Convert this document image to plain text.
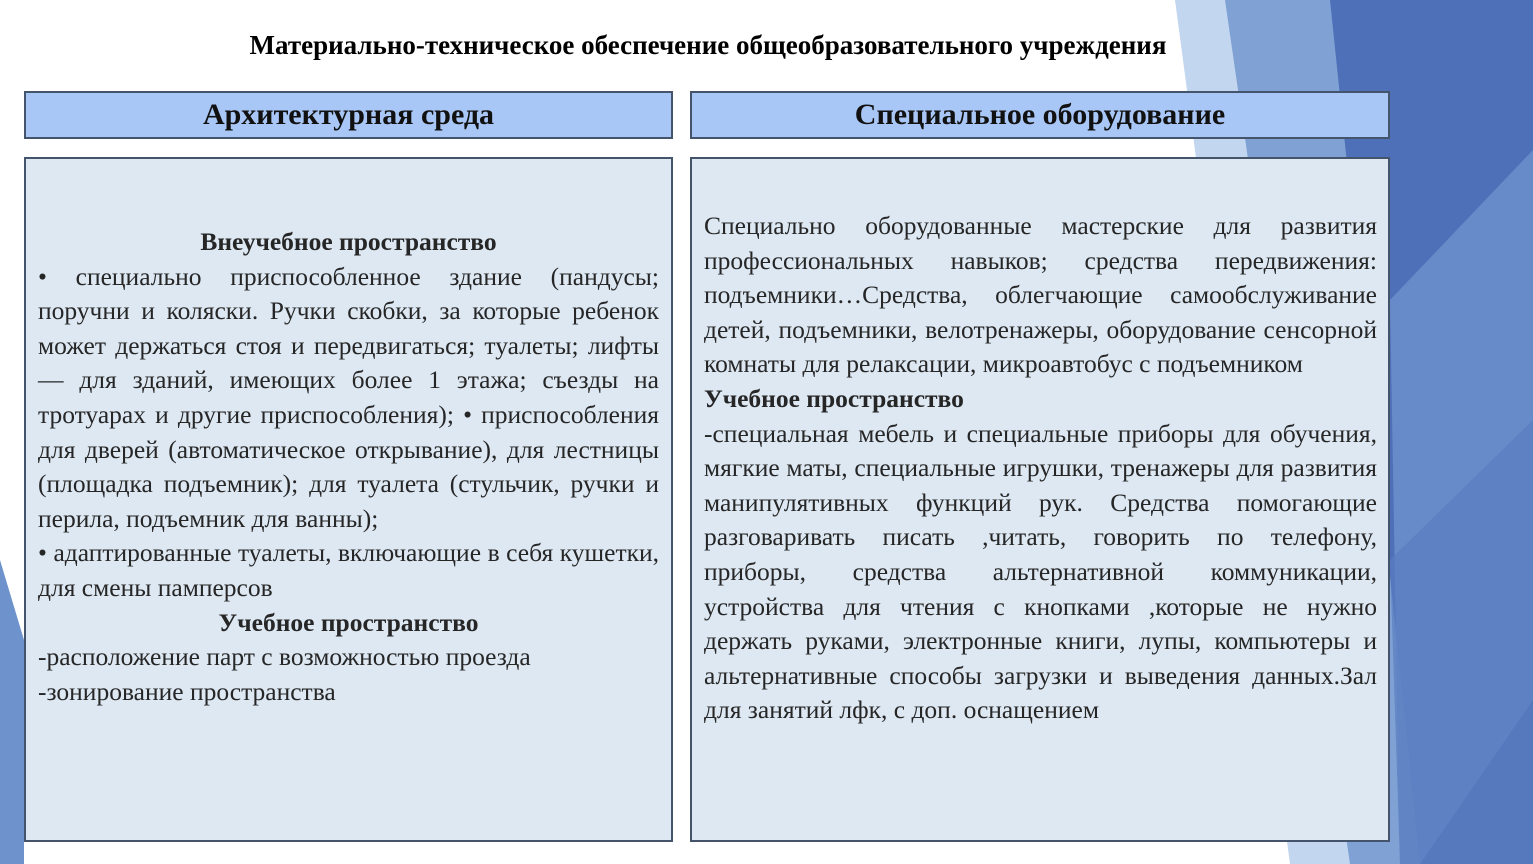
Материально-техническое обеспечение общеобразовательного учреждения
Архитектурная среда	Специальное оборудование

Внеучебное пространство

• специально приспособленное здание (пандусы; поручни и коляски. Ручки скобки, за которые ребенок может держаться стоя и передвигаться; туалеты; лифты — для зданий, имеющих более 1 этажа; съезды на тротуарах и другие приспособления); • приспособления для дверей (автоматическое открывание), для лестницы (площадка подъемник); для туалета (стульчик, ручки и перила, подъемник для ванны);

• адаптированные туалеты, включающие в себя кушетки, для смены памперсов

Учебное пространство

-расположение парт с возможностью проезда

-зонирование пространства

Специально оборудованные мастерские для развития профессиональных навыков; средства передвижения: подъемники…Средства, облегчающие самообслуживание детей, подъемники, велотренажеры, оборудование сенсорной комнаты для релаксации, микроавтобус с подъемником

Учебное пространство

-специальная мебель и специальные приборы для обучения, мягкие маты, специальные игрушки, тренажеры для развития манипулятивных функций рук. Средства помогающие разговаривать писать ,читать, говорить по телефону, приборы, средства альтернативной коммуникации, устройства для чтения с кнопками ,которые не нужно держать руками, электронные книги, лупы, компьютеры и альтернативные способы загрузки и выведения данных.Зал для занятий лфк, с доп. оснащением
